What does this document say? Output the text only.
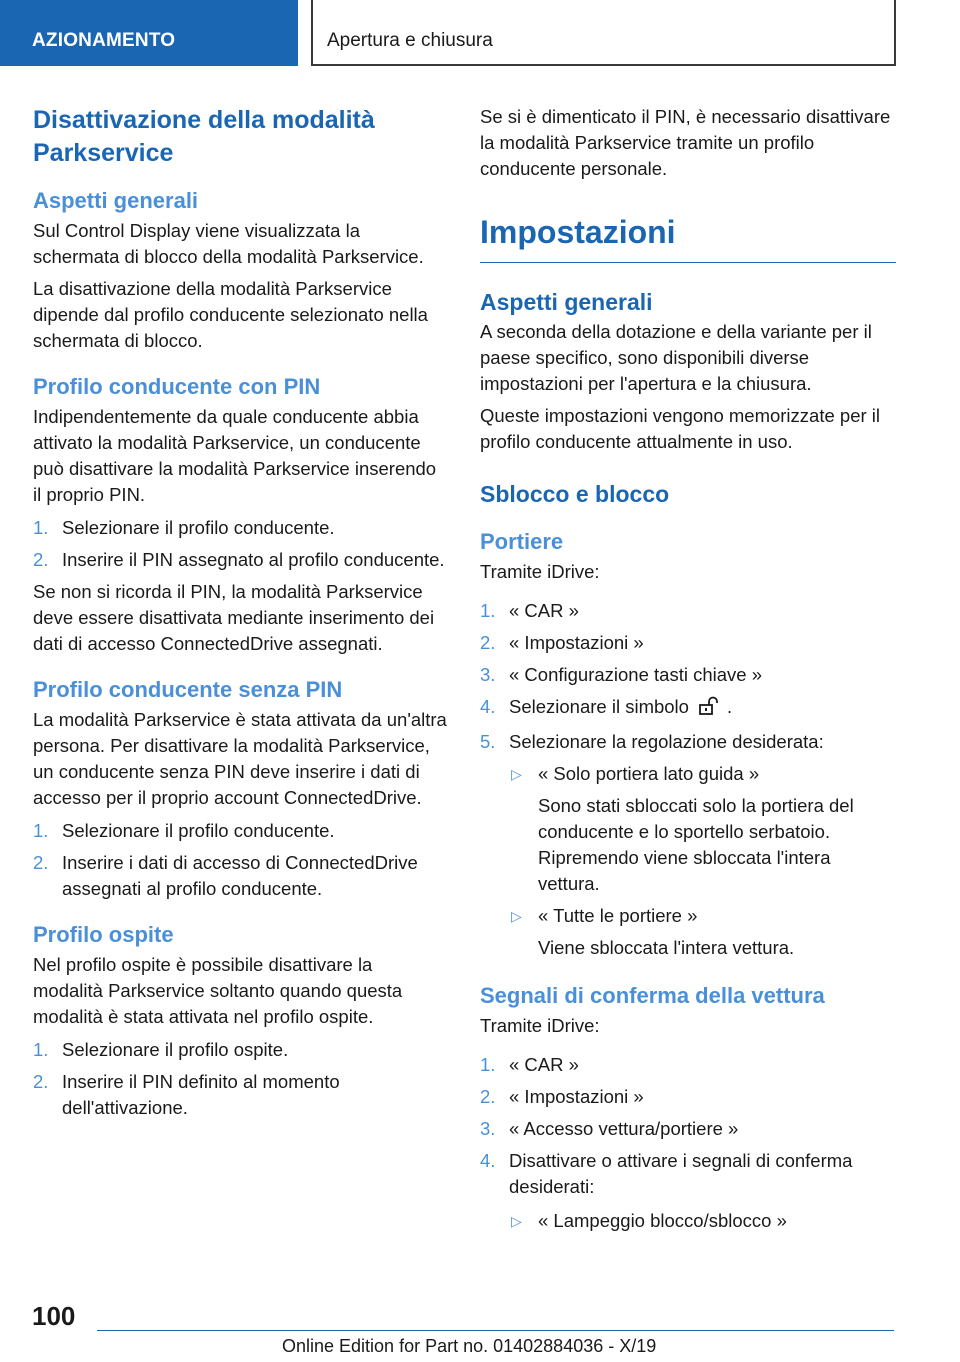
AZIONAMENTO	Apertura e chiusura
Disattivazione della modalità Parkservice
Aspetti generali

Sul Control Display viene visualizzata la schermata di blocco della modalità Parkservice.

La disattivazione della modalità Parkservice dipende dal profilo conducente selezionato nella schermata di blocco.

Profilo conducente con PIN

Indipendentemente da quale conducente abbia attivato la modalità Parkservice, un conducente può disattivare la modalità Parkservice inserendo il proprio PIN.

1. Selezionare il profilo conducente.
2. Inserire il PIN assegnato al profilo conducente.

Se non si ricorda il PIN, la modalità Parkservice deve essere disattivata mediante inserimento dei dati di accesso ConnectedDrive assegnati.

Profilo conducente senza PIN

La modalità Parkservice è stata attivata da un'altra persona. Per disattivare la modalità Parkservice, un conducente senza PIN deve inserire i dati di accesso per il proprio account ConnectedDrive.

1. Selezionare il profilo conducente.
2. Inserire i dati di accesso di ConnectedDrive assegnati al profilo conducente.
Profilo ospite

Nel profilo ospite è possibile disattivare la modalità Parkservice soltanto quando questa modalità è stata attivata nel profilo ospite.

1. Selezionare il profilo ospite.
2. Inserire il PIN definito al momento dell'attivazione.

Se si è dimenticato il PIN, è necessario disattivare la modalità Parkservice tramite un profilo conducente personale.

Impostazioni
Aspetti generali

A seconda della dotazione e della variante per il paese specifico, sono disponibili diverse impostazioni per l'apertura e la chiusura.

Queste impostazioni vengono memorizzate per il profilo conducente attualmente in uso.

Sblocco e blocco
Portiere

Tramite iDrive:

1. « CAR »
2. « Impostazioni »
3. « Configurazione tasti chiave »
4. Selezionare il simbolo .
5. Selezionare la regolazione desiderata:
▷ « Solo portiera lato guida »

Sono stati sbloccati solo la portiera del conducente e lo sportello serbatoio. Ripremendo viene sbloccata l'intera vettura.

▷ « Tutte le portiere »

Viene sbloccata l'intera vettura.

Segnali di conferma della vettura

Tramite iDrive:

1. « CAR »
2. « Impostazioni »
3. « Accesso vettura/portiere »
4. Disattivare o attivare i segnali di conferma desiderati:
▷ « Lampeggio blocco/sblocco »
100
Online Edition for Part no. 01402884036 - X/19
